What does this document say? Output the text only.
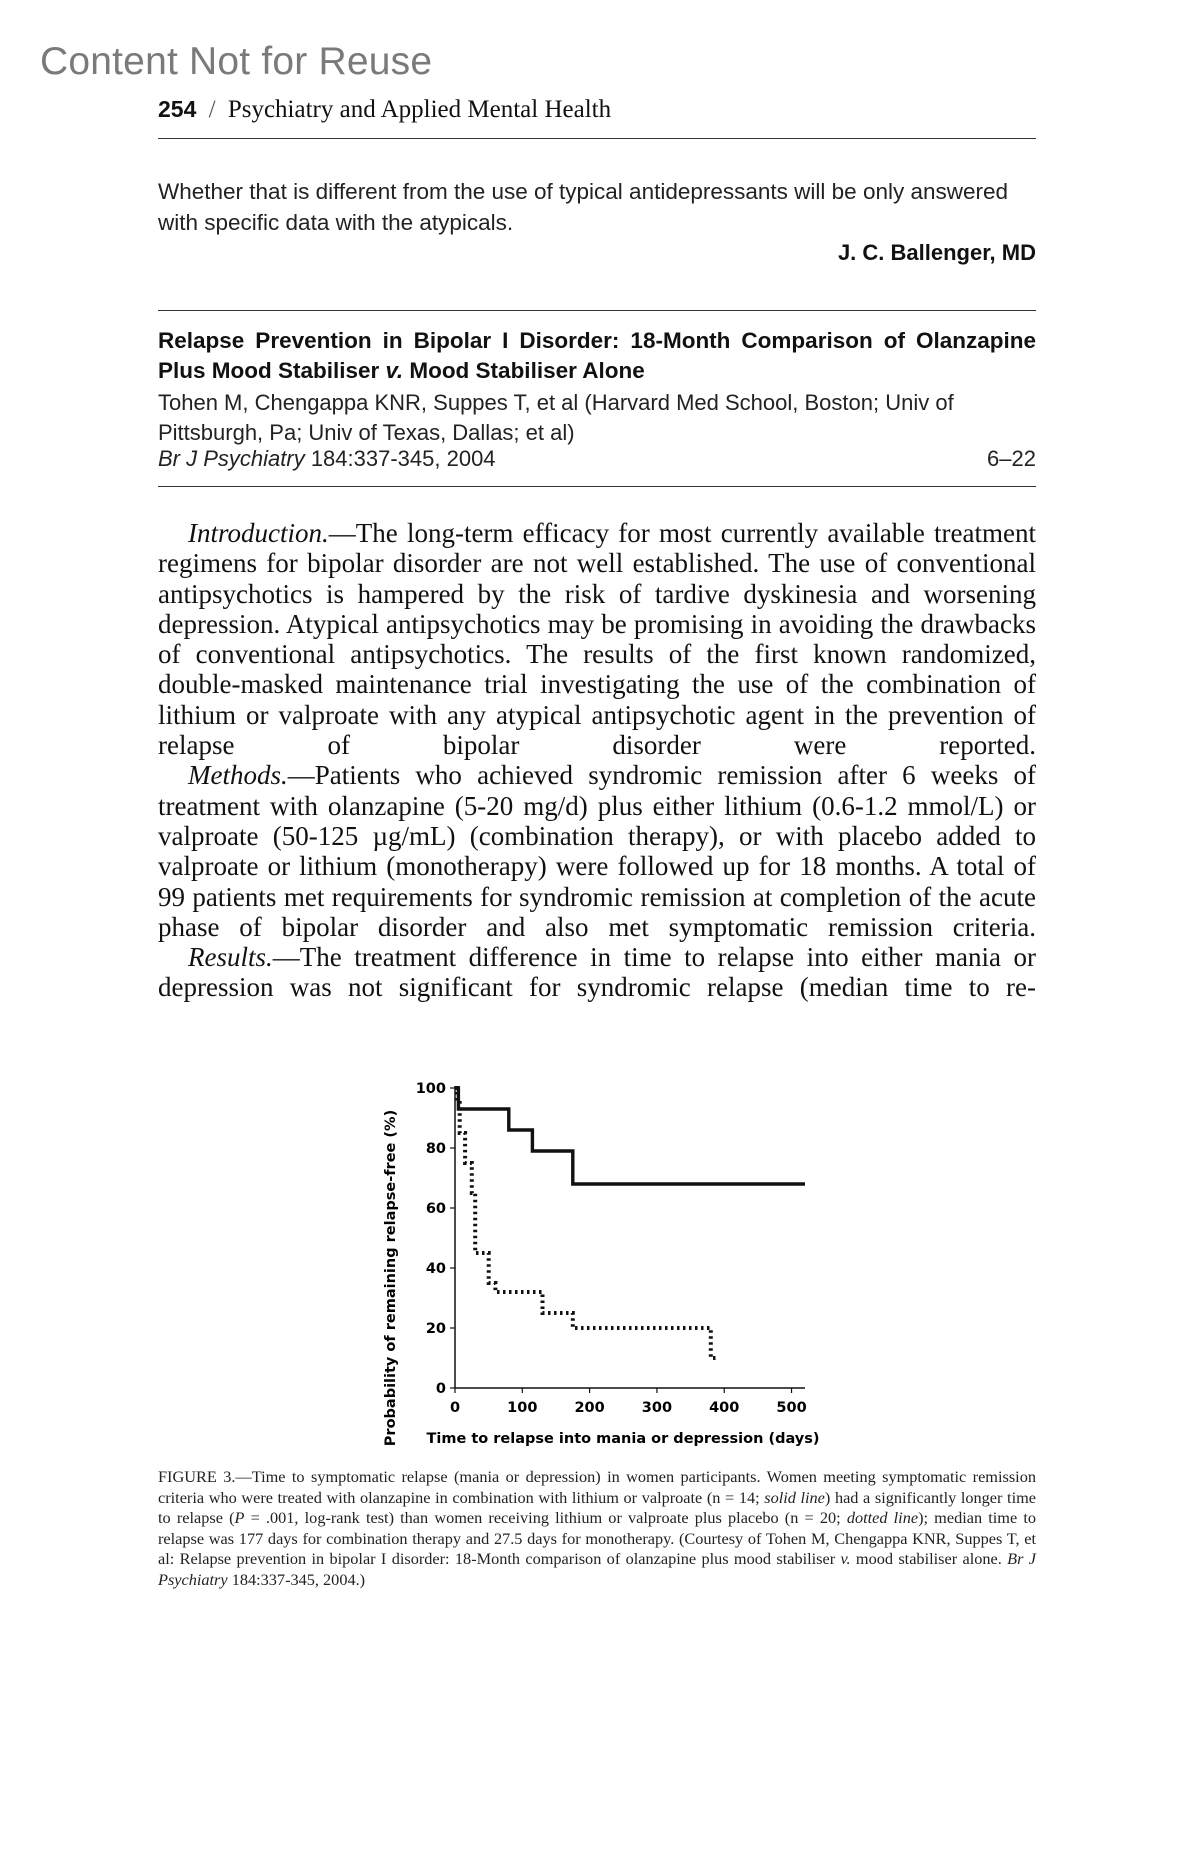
Content Not for Reuse
254 / Psychiatry and Applied Mental Health
Whether that is different from the use of typical antidepressants will be only answered with specific data with the atypicals.
J. C. Ballenger, MD
Relapse Prevention in Bipolar I Disorder: 18-Month Comparison of Olanzapine Plus Mood Stabiliser v. Mood Stabiliser Alone
Tohen M, Chengappa KNR, Suppes T, et al (Harvard Med School, Boston; Univ of Pittsburgh, Pa; Univ of Texas, Dallas; et al)
Br J Psychiatry 184:337-345, 2004	6–22

Introduction.—The long-term efficacy for most currently available treatment regimens for bipolar disorder are not well established. The use of conventional antipsychotics is hampered by the risk of tardive dyskinesia and worsening depression. Atypical antipsychotics may be promising in avoiding the drawbacks of conventional antipsychotics. The results of the first known randomized, double-masked maintenance trial investigating the use of the combination of lithium or valproate with any atypical antipsychotic agent in the prevention of relapse of bipolar disorder were reported.

Methods.—Patients who achieved syndromic remission after 6 weeks of treatment with olanzapine (5-20 mg/d) plus either lithium (0.6-1.2 mmol/L) or valproate (50-125 µg/mL) (combination therapy), or with placebo added to valproate or lithium (monotherapy) were followed up for 18 months. A total of 99 patients met requirements for syndromic remission at completion of the acute phase of bipolar disorder and also met symptomatic remission criteria.

Results.—The treatment difference in time to relapse into either mania or depression was not significant for syndromic relapse (median time to re-

0	100	200	300	400	500
0
20
40
60
80
100
Probability of remaining relapse-free (%) Time to relapse into mania or depression (days)
FIGURE 3.—Time to symptomatic relapse (mania or depression) in women participants. Women meeting symptomatic remission criteria who were treated with olanzapine in combination with lithium or valproate (n = 14; solid line) had a significantly longer time to relapse (P = .001, log-rank test) than women receiving lithium or valproate plus placebo (n = 20; dotted line); median time to relapse was 177 days for combination therapy and 27.5 days for monotherapy. (Courtesy of Tohen M, Chengappa KNR, Suppes T, et al: Relapse prevention in bipolar I disorder: 18-Month comparison of olanzapine plus mood stabiliser v. mood stabiliser alone. Br J Psychiatry 184:337-345, 2004.)
